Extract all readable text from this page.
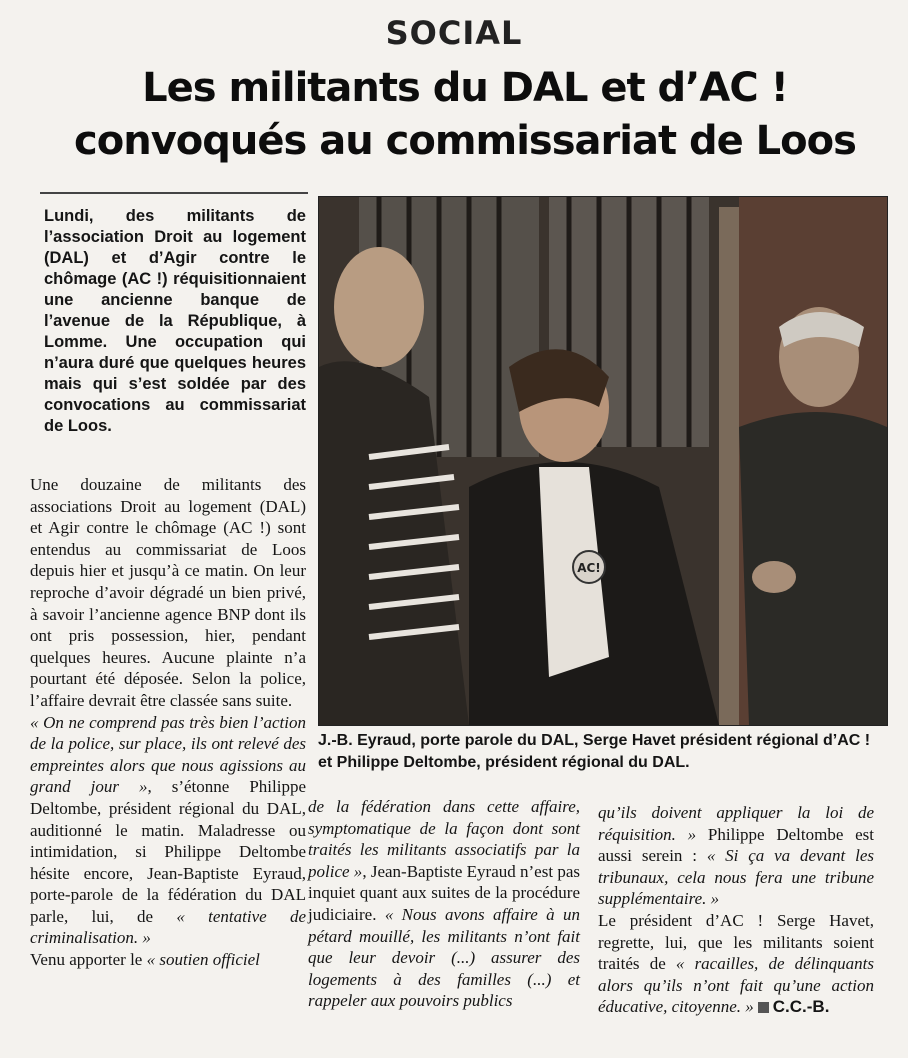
SOCIAL
Les militants du DAL et d’AC ! convoqués au commissariat de Loos
Lundi, des militants de l’association Droit au logement (DAL) et d’Agir contre le chômage (AC !) réquisitionnaient une ancienne banque de l’avenue de la République, à Lomme. Une occupation qui n’aura duré que quelques heures mais qui s’est soldée par des convocations au commissariat de Loos.

Une douzaine de militants des associations Droit au logement (DAL) et Agir contre le chômage (AC !) sont entendus au commissariat de Loos depuis hier et jusqu’à ce matin. On leur reproche d’avoir dégradé un bien privé, à savoir l’ancienne agence BNP dont ils ont pris possession, hier, pendant quelques heures. Aucune plainte n’a pourtant été déposée. Selon la police, l’affaire devrait être classée sans suite.

« On ne comprend pas très bien l’action de la police, sur place, ils ont relevé des empreintes alors que nous agissions au grand jour », s’étonne Philippe Deltombe, président régional du DAL, auditionné le matin. Maladresse ou intimidation, si Philippe Deltombe hésite encore, Jean-Baptiste Eyraud, porte-parole de la fédération du DAL parle, lui, de « tentative de criminalisation. »

Venu apporter le « soutien officiel

AC!
J.-B. Eyraud, porte parole du DAL, Serge Havet président régional d’AC ! et Philippe Deltombe, président régional du DAL.

de la fédération dans cette affaire, symptomatique de la façon dont sont traités les militants associatifs par la police », Jean-Baptiste Eyraud n’est pas inquiet quant aux suites de la procédure judiciaire. « Nous avons affaire à un pétard mouillé, les militants n’ont fait que leur devoir (...) assurer des logements à des familles (...) et rappeler aux pouvoirs publics

qu’ils doivent appliquer la loi de réquisition. » Philippe Deltombe est aussi serein : « Si ça va devant les tribunaux, cela nous fera une tribune supplémentaire. »

Le président d’AC ! Serge Havet, regrette, lui, que les militants soient traités de « racailles, de délinquants alors qu’ils n’ont fait qu’une action éducative, citoyenne. » C.C.-B.
